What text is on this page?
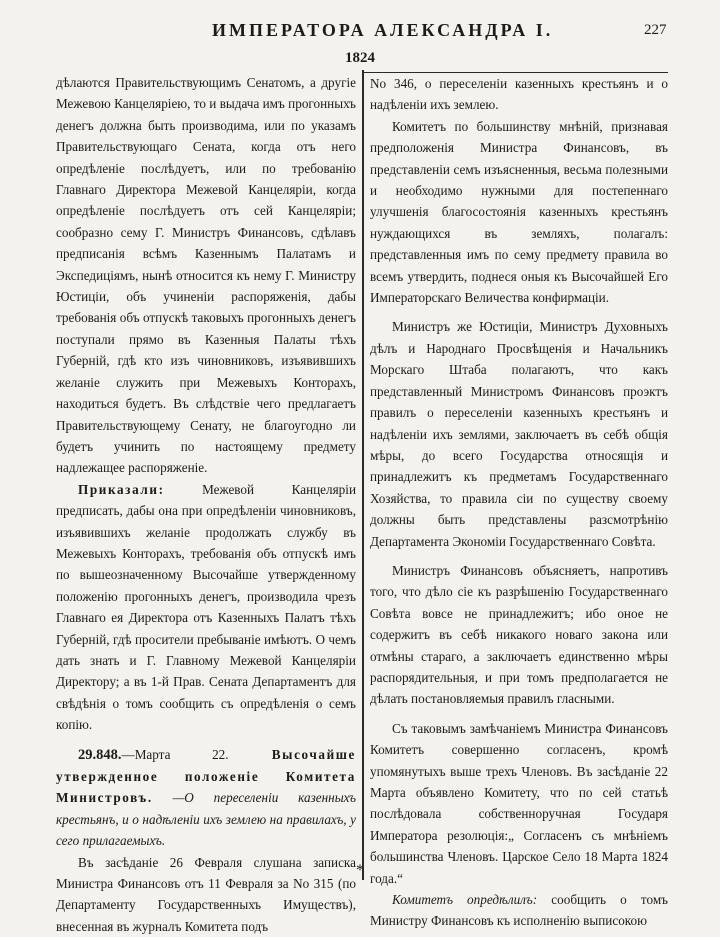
ИМПЕРАТОРА АЛЕКСАНДРА I.	227
1824

дѣлаются Правительствующимъ Сенатомъ, а другіе Межевою Канцеляріею, то и выдача имъ прогонныхъ денегъ должна быть производима, или по указамъ Правительствующаго Сената, когда отъ него опредѣленіе послѣдуетъ, или по требованію Главнаго Директора Межевой Канцеляріи, когда опредѣленіе послѣдуетъ отъ сей Канцеляріи; сообразно сему Г. Министръ Финансовъ, сдѣлавъ предписанія всѣмъ Казеннымъ Палатамъ и Экспедиціямъ, нынѣ относится къ нему Г. Министру Юстиціи, объ учиненіи распоряженія, дабы требованія объ отпускѣ таковыхъ прогонныхъ денегъ поступали прямо въ Казенныя Палаты тѣхъ Губерній, гдѣ кто изъ чиновниковъ, изъявившихъ желаніе служить при Межевыхъ Конторахъ, находиться будетъ. Въ слѣдствіе чего предлагаетъ Правительствующему Сенату, не благоугодно ли будетъ учинить по настоящему предмету надлежащее распоряженіе.

Приказали: Межевой Канцеляріи предписать, дабы она при опредѣленіи чиновниковъ, изъявившихъ желаніе продолжать службу въ Межевыхъ Конторахъ, требованія объ отпускѣ имъ по вышеозначенному Высочайше утвержденному положенію прогонныхъ денегъ, производила чрезъ Главнаго ея Директора отъ Казенныхъ Палатъ тѣхъ Губерній, гдѣ просители пребываніе имѣютъ. О чемъ дать знать и Г. Главному Межевой Канцеляріи Директору; а въ 1-й Прав. Сената Департаментъ для свѣдѣнія о томъ сообщить съ опредѣленія о семъ копію.

29.848.—Марта 22. Высочайше утвержденное положеніе Комитета Министровъ. —О переселеніи казенныхъ крестьянъ, и о надѣленіи ихъ землею на правилахъ, у сего прилагаемыхъ.

Въ засѣданіе 26 Февраля слушана записка Министра Финансовъ отъ 11 Февраля за No 315 (по Департаменту Государственныхъ Имуществъ), внесенная въ журналъ Комитета подъ

No 346, о переселеніи казенныхъ крестьянъ и о надѣленіи ихъ землею.

Комитетъ по большинству мнѣній, признавая предположенія Министра Финансовъ, въ представленіи семъ изъясненныя, весьма полезными и необходимо нужными для постепеннаго улучшенія благосостоянія казенныхъ крестьянъ нуждающихся въ земляхъ, полагалъ: представленныя имъ по сему предмету правила во всемъ утвердить, поднеся оныя къ Высочайшей Его Императорскаго Величества конфирмаціи.

Министръ же Юстиціи, Министръ Духовныхъ дѣлъ и Народнаго Просвѣщенія и Начальникъ Морскаго Штаба полагаютъ, что какъ представленный Министромъ Финансовъ проэктъ правилъ о переселеніи казенныхъ крестьянъ и надѣленіи ихъ землями, заключаетъ въ себѣ общія мѣры, до всего Государства относящія и принадлежитъ къ предметамъ Государственнаго Хозяйства, то правила сіи по существу своему должны быть представлены разсмотрѣнію Департамента Экономіи Государственнаго Совѣта.

Министръ Финансовъ объясняетъ, напротивъ того, что дѣло сіе къ разрѣшенію Государственнаго Совѣта вовсе не принадлежитъ; ибо оное не содержитъ въ себѣ никакого новаго закона или отмѣны стараго, а заключаетъ единственно мѣры распорядительныя, и при томъ предполагается не дѣлать постановляемыя правилъ гласными.

Съ таковымъ замѣчаніемъ Министра Финансовъ Комитетъ совершенно согласенъ, кромѣ упомянутыхъ выше трехъ Членовъ. Въ засѣданіе 22 Марта объявлено Комитету, что по сей статьѣ послѣдовала собственноручная Государя Императора резолюція:„ Согласенъ съ мнѣніемъ большинства Членовъ. Царское Село 18 Марта 1824 года.“

Комитетъ опредѣлилъ: сообщить о томъ Министру Финансовъ къ исполненію выписокою

*
